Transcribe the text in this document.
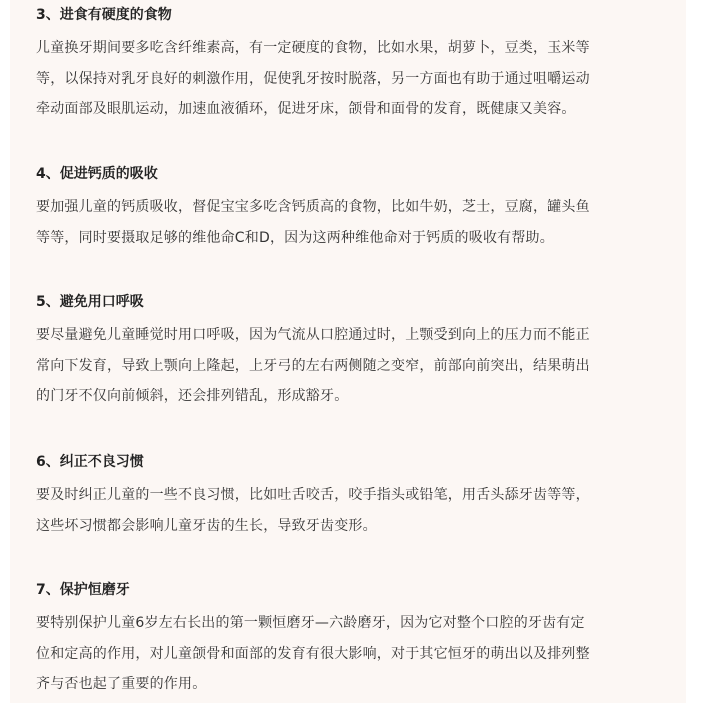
3、进食有硬度的食物
儿童换牙期间要多吃含纤维素高，有一定硬度的食物，比如水果，胡萝卜，豆类，玉米等
等，以保持对乳牙良好的刺激作用，促使乳牙按时脱落，另一方面也有助于通过咀嚼运动
牵动面部及眼肌运动，加速血液循环，促进牙床，颌骨和面骨的发育，既健康又美容。
4、促进钙质的吸收
要加强儿童的钙质吸收，督促宝宝多吃含钙质高的食物，比如牛奶，芝士，豆腐，罐头鱼
等等，同时要摄取足够的维他命C和D，因为这两种维他命对于钙质的吸收有帮助。
5、避免用口呼吸
要尽量避免儿童睡觉时用口呼吸，因为气流从口腔通过时，上颚受到向上的压力而不能正
常向下发育，导致上颚向上隆起，上牙弓的左右两侧随之变窄，前部向前突出，结果萌出
的门牙不仅向前倾斜，还会排列错乱，形成豁牙。
6、纠正不良习惯
要及时纠正儿童的一些不良习惯，比如吐舌咬舌，咬手指头或铅笔，用舌头舔牙齿等等，
这些坏习惯都会影响儿童牙齿的生长，导致牙齿变形。
7、保护恒磨牙
要特别保护儿童6岁左右长出的第一颗恒磨牙—六龄磨牙，因为它对整个口腔的牙齿有定
位和定高的作用，对儿童颌骨和面部的发育有很大影响，对于其它恒牙的萌出以及排列整
齐与否也起了重要的作用。
